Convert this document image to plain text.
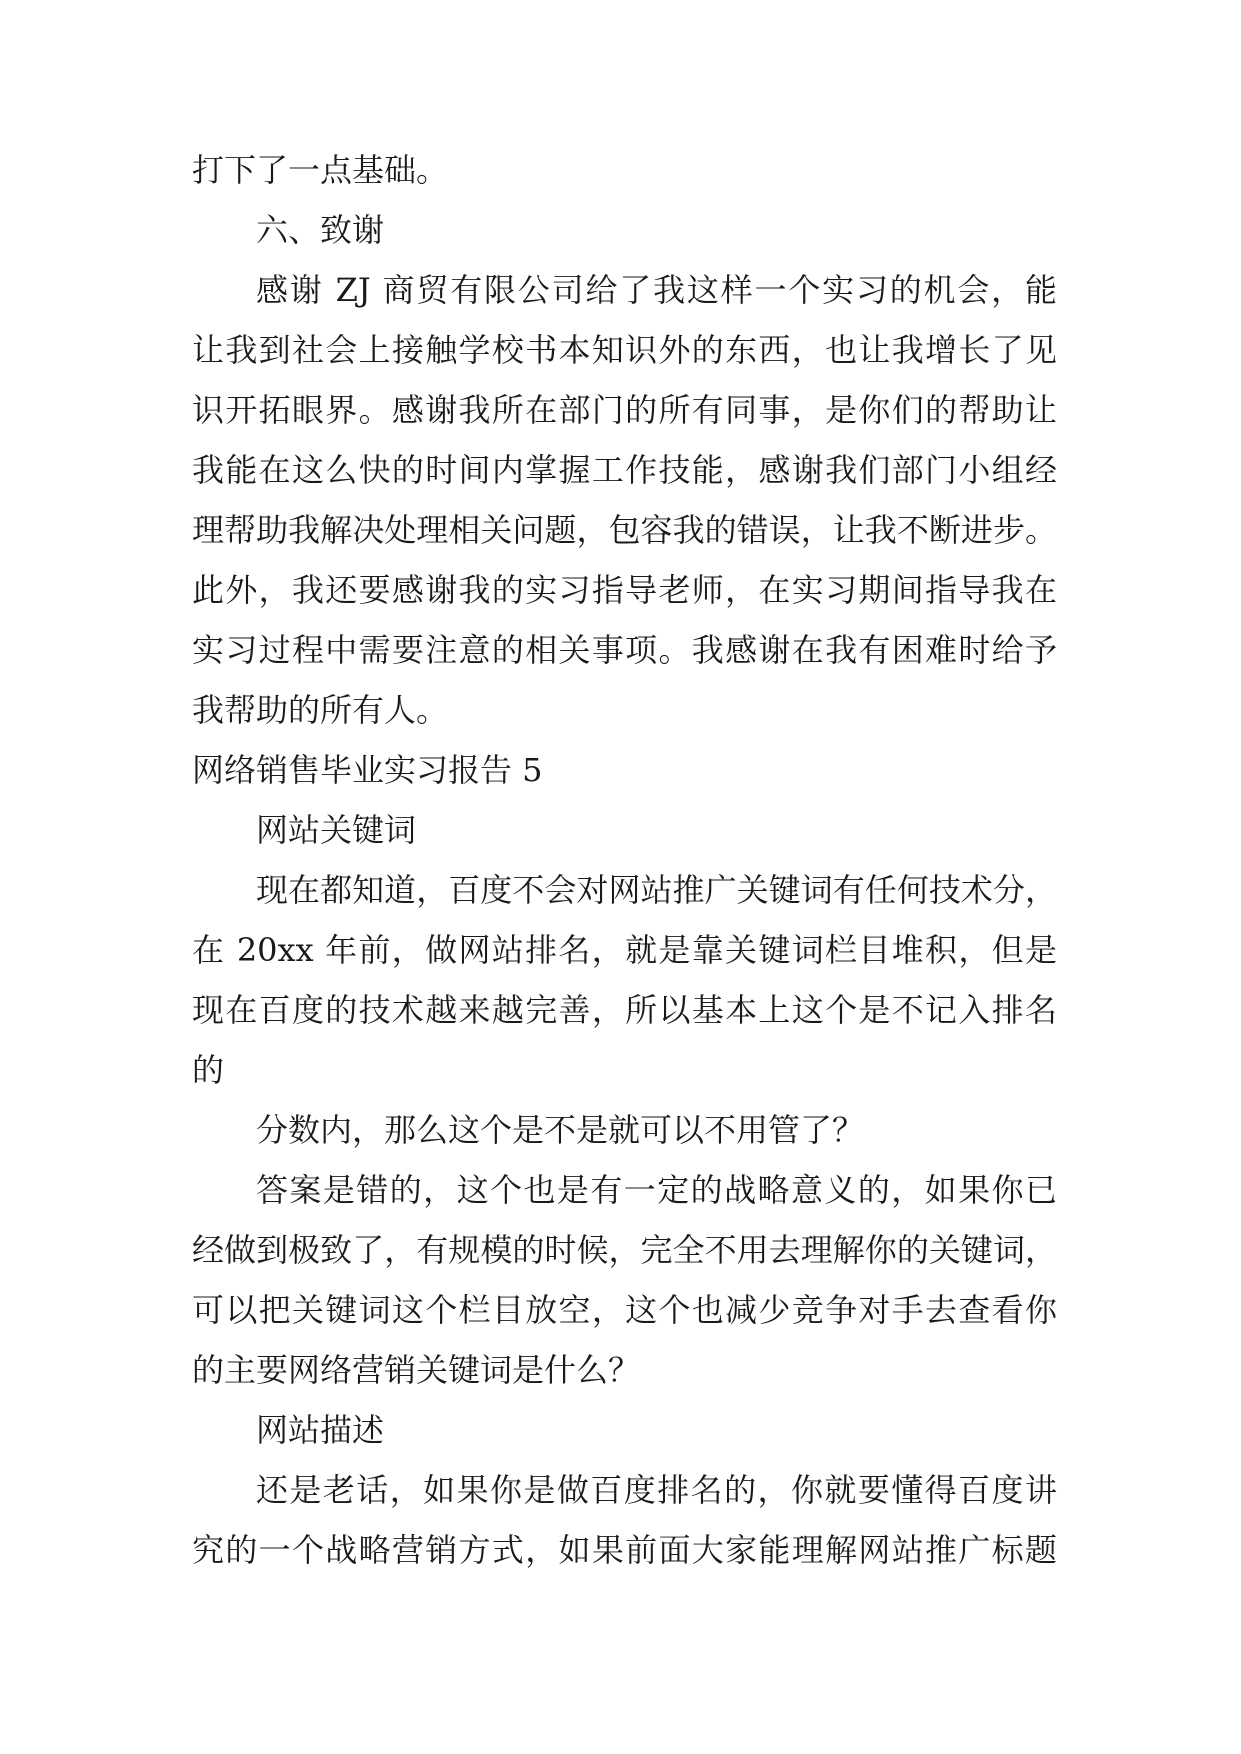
打下了一点基础。
六、致谢
感谢 ZJ 商贸有限公司给了我这样一个实习的机会，能
让我到社会上接触学校书本知识外的东西，也让我增长了见
识开拓眼界。感谢我所在部门的所有同事，是你们的帮助让
我能在这么快的时间内掌握工作技能，感谢我们部门小组经
理帮助我解决处理相关问题，包容我的错误，让我不断进步。
此外，我还要感谢我的实习指导老师，在实习期间指导我在
实习过程中需要注意的相关事项。我感谢在我有困难时给予
我帮助的所有人。
网络销售毕业实习报告 5
网站关键词
现在都知道，百度不会对网站推广关键词有任何技术分，
在 20xx 年前，做网站排名，就是靠关键词栏目堆积，但是
现在百度的技术越来越完善，所以基本上这个是不记入排名
的
分数内，那么这个是不是就可以不用管了？
答案是错的，这个也是有一定的战略意义的，如果你已
经做到极致了，有规模的时候，完全不用去理解你的关键词，
可以把关键词这个栏目放空，这个也减少竞争对手去查看你
的主要网络营销关键词是什么？
网站描述
还是老话，如果你是做百度排名的，你就要懂得百度讲
究的一个战略营销方式，如果前面大家能理解网站推广标题
